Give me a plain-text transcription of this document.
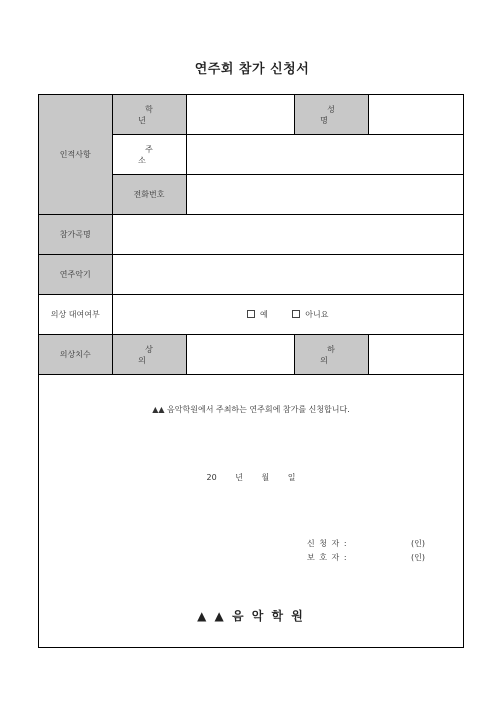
연주회 참가 신청서
인적사항	학 년		성 명	
	주 소			
	전화번호			
참가곡명				
연주악기				
의상 대여여부	예 아니요			
의상치수	상 의		하 의	
▲▲ 음악학원에서 주최하는 연주회에 참가를 신청합니다.
20 년 월 일
신 청 자 :	(인)
보 호 자 :	(인)
▲ ▲ 음 악 학 원
